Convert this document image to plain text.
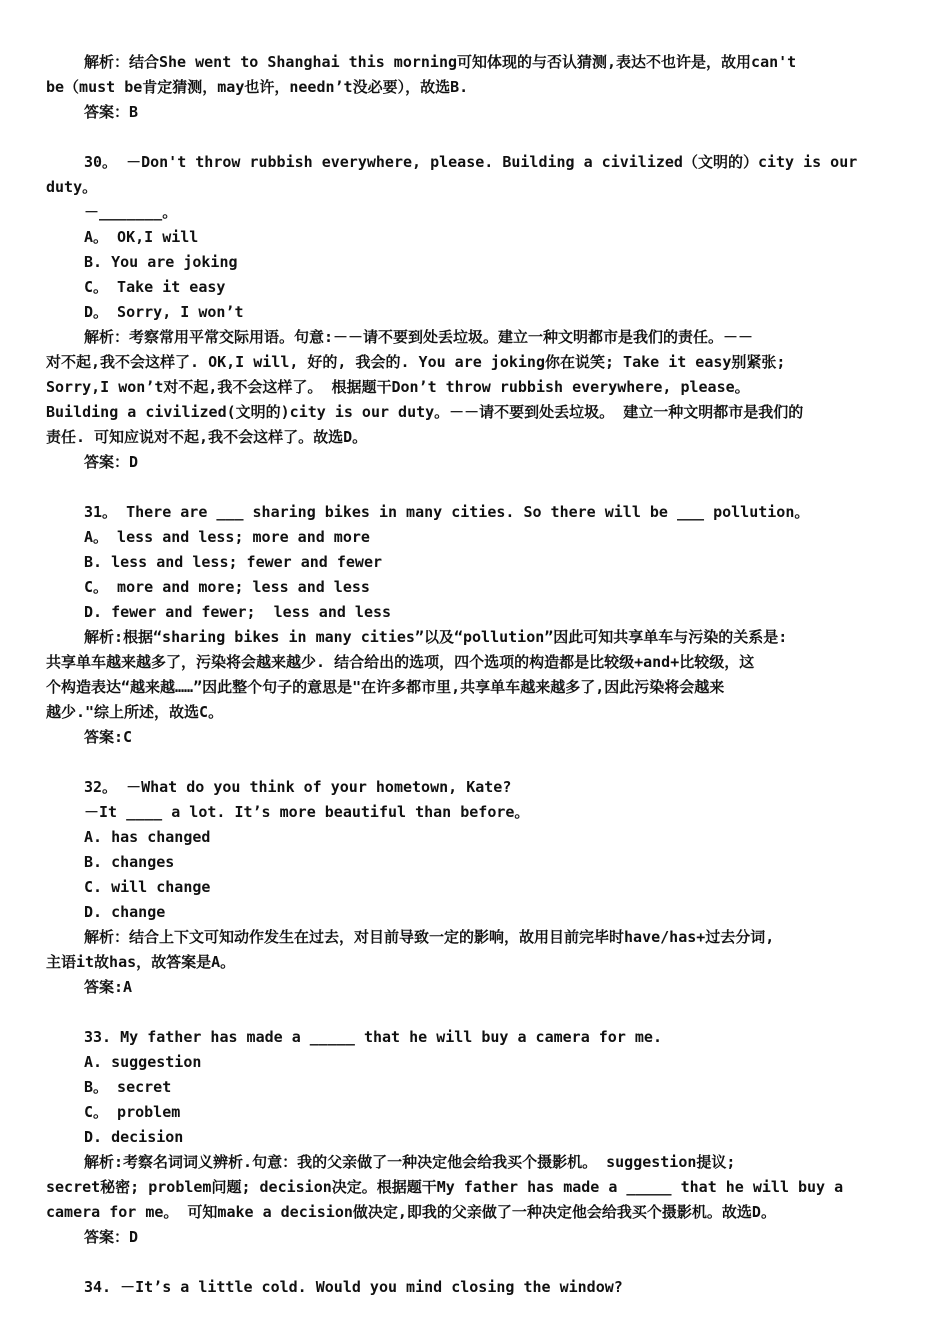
解析：结合She went to Shanghai this morning可知体现的与否认猜测,表达不也许是，故用can't
be（must be肯定猜测，may也许，needn’t没必要），故选B.
答案：B
30。 －Don't throw rubbish everywhere, please. Building a civilized（文明的）city is our
duty。
－_______。
A。 OK,I will
B. You are joking
C。 Take it easy
D。 Sorry, I won’t
解析：考察常用平常交际用语。句意:－－请不要到处丢垃圾。建立一种文明都市是我们的责任。－－
对不起,我不会这样了. OK,I will, 好的, 我会的. You are joking你在说笑; Take it easy别紧张;
Sorry,I won’t对不起,我不会这样了。 根据题干Don’t throw rubbish everywhere, please。
Building a civilized(文明的)city is our duty。－－请不要到处丢垃圾。 建立一种文明都市是我们的
责任. 可知应说对不起,我不会这样了。故选D。
答案：D
31。 There are ___ sharing bikes in many cities. So there will be ___ pollution。
A。 less and less; more and more
B. less and less; fewer and fewer
C。 more and more; less and less
D. fewer and fewer;  less and less
解析:根据“sharing bikes in many cities”以及“pollution”因此可知共享单车与污染的关系是:
共享单车越来越多了，污染将会越来越少. 结合给出的选项，四个选项的构造都是比较级+and+比较级，这
个构造表达“越来越……”因此整个句子的意思是"在许多都市里,共享单车越来越多了,因此污染将会越来
越少."综上所述，故选C。
答案:C
32。 －What do you think of your hometown, Kate?
－It ____ a lot. It’s more beautiful than before。
A. has changed
B. changes
C. will change
D. change
解析：结合上下文可知动作发生在过去，对目前导致一定的影响，故用目前完毕时have/has+过去分词,
主语it故has，故答案是A。
答案:A
33. My father has made a _____ that he will buy a camera for me.
A. suggestion
B。 secret
C。 problem
D. decision
解析:考察名词词义辨析.句意：我的父亲做了一种决定他会给我买个摄影机。 suggestion提议;
secret秘密; problem问题; decision决定。根据题干My father has made a _____ that he will buy a
camera for me。 可知make a decision做决定,即我的父亲做了一种决定他会给我买个摄影机。故选D。
答案：D
34. －It’s a little cold. Would you mind closing the window?
